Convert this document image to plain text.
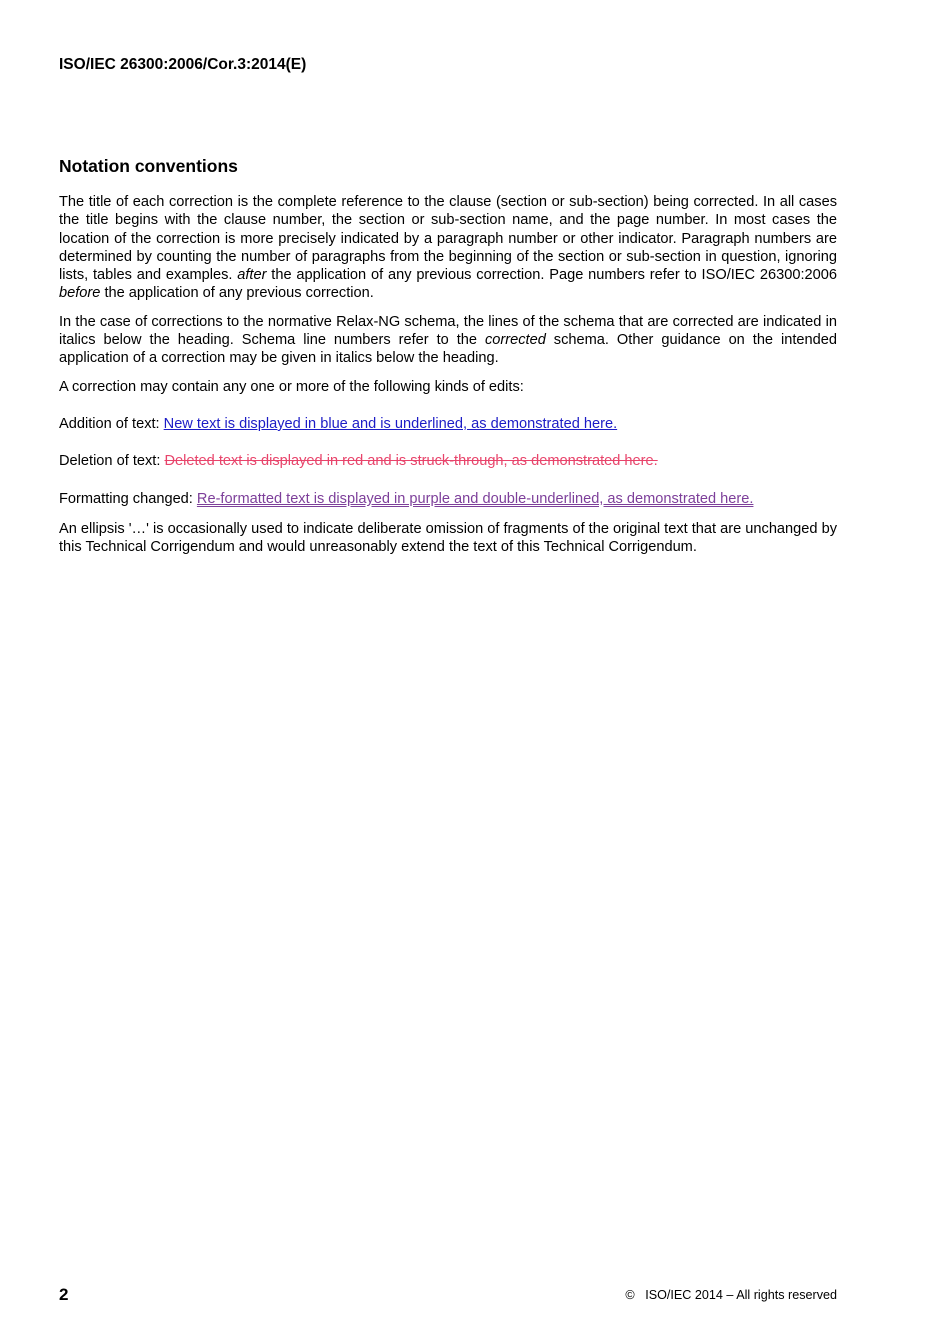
ISO/IEC 26300:2006/Cor.3:2014(E)
Notation conventions

The title of each correction is the complete reference to the clause (section or sub-section) being corrected. In all cases the title begins with the clause number, the section or sub-section name, and the page number. In most cases the location of the correction is more precisely indicated by a paragraph number or other indicator. Paragraph numbers are determined by counting the number of paragraphs from the beginning of the section or sub-section in question, ignoring lists, tables and examples. after the application of any previous correction. Page numbers refer to ISO/IEC 26300:2006 before the application of any previous correction.

In the case of corrections to the normative Relax-NG schema, the lines of the schema that are corrected are indicated in italics below the heading. Schema line numbers refer to the corrected schema. Other guidance on the intended application of a correction may be given in italics below the heading.

A correction may contain any one or more of the following kinds of edits:

Addition of text: New text is displayed in blue and is underlined, as demonstrated here.

Deletion of text: Deleted text is displayed in red and is struck-through, as demonstrated here.

Formatting changed: Re-formatted text is displayed in purple and double-underlined, as demonstrated here.

An ellipsis '…' is occasionally used to indicate deliberate omission of fragments of the original text that are unchanged by this Technical Corrigendum and would unreasonably extend the text of this Technical Corrigendum.

2	©   ISO/IEC 2014 – All rights reserved
